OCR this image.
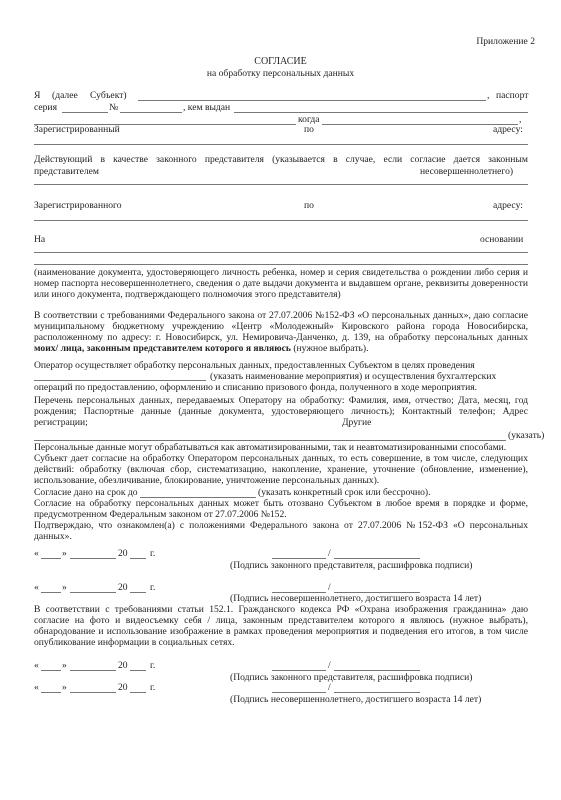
Приложение 2
СОГЛАСИЕ
на обработку персональных данных
Я (далее Субъект)	, паспорт
серия	№	, кем выдан
когда	,
Зарегистрированный	по	адресу:
Действующий в качестве законного представителя (указывается в случае, если согласие дается законным
представителем	несовершеннолетнего)
Зарегистрированного	по	адресу:
На	основании
(наименование документа, удостоверяющего личность ребенка, номер и серия свидетельства о рождении либо серия и номер паспорта несовершеннолетнего, сведения о дате выдачи документа и выдавшем органе, реквизиты доверенности или иного документа, подтверждающего полномочия этого представителя)
В соответствии с требованиями Федерального закона от 27.07.2006 №152-ФЗ «О персональных данных», даю согласие муниципальному бюджетному учреждению «Центр «Молодежный» Кировского района города Новосибирска, расположенному по адресу: г. Новосибирск, ул. Немировича-Данченко, д. 139, на обработку персональных данных моих/ лица, законным представителем которого я являюсь (нужное выбрать).
Оператор осуществляет обработку персональных данных, предоставленных Субъектом в целях проведения
(указать наименование мероприятия) и осуществления бухгалтерских
операций по предоставлению, оформлению и списанию призового фонда, полученного в ходе мероприятия.
Перечень персональных данных, передаваемых Оператору на обработку: Фамилия, имя, отчество; Дата, месяц, год рождения; Паспортные данные (данные документа, удостоверяющего личность); Контактный телефон; Адрес регистрации;	Другие
(указать)
Персональные данные могут обрабатываться как автоматизированными, так и неавтоматизированными способами.
Субъект дает согласие на обработку Оператором персональных данных, то есть совершение, в том числе, следующих действий: обработку (включая сбор, систематизацию, накопление, хранение, уточнение (обновление, изменение), использование, обезличивание, блокирование, уничтожение персональных данных).
Согласие дано на срок до	(указать конкретный срок или бессрочно).
Согласие на обработку персональных данных может быть отозвано Субъектом в любое время в порядке и форме, предусмотренном Федеральным законом от 27.07.2006 №152.
Подтверждаю, что ознакомлен(а) с положениями Федерального закона от 27.07.2006 №152-ФЗ «О персональных данных».
« »	20 г.	/
(Подпись законного представителя, расшифровка подписи)
« »	20 г.	/
(Подпись несовершеннолетнего, достигшего возраста 14 лет)
В соответствии с требованиями статьи 152.1. Гражданского кодекса РФ «Охрана изображения гражданина» даю согласие на фото и видеосъемку себя / лица, законным представителем которого я являюсь (нужное выбрать), обнародование и использование изображение в рамках проведения мероприятия и подведения его итогов, в том числе опубликование информации в социальных сетях.
« »	20 г.	/
(Подпись законного представителя, расшифровка подписи)
« »	20 г.	/
(Подпись несовершеннолетнего, достигшего возраста 14 лет)
